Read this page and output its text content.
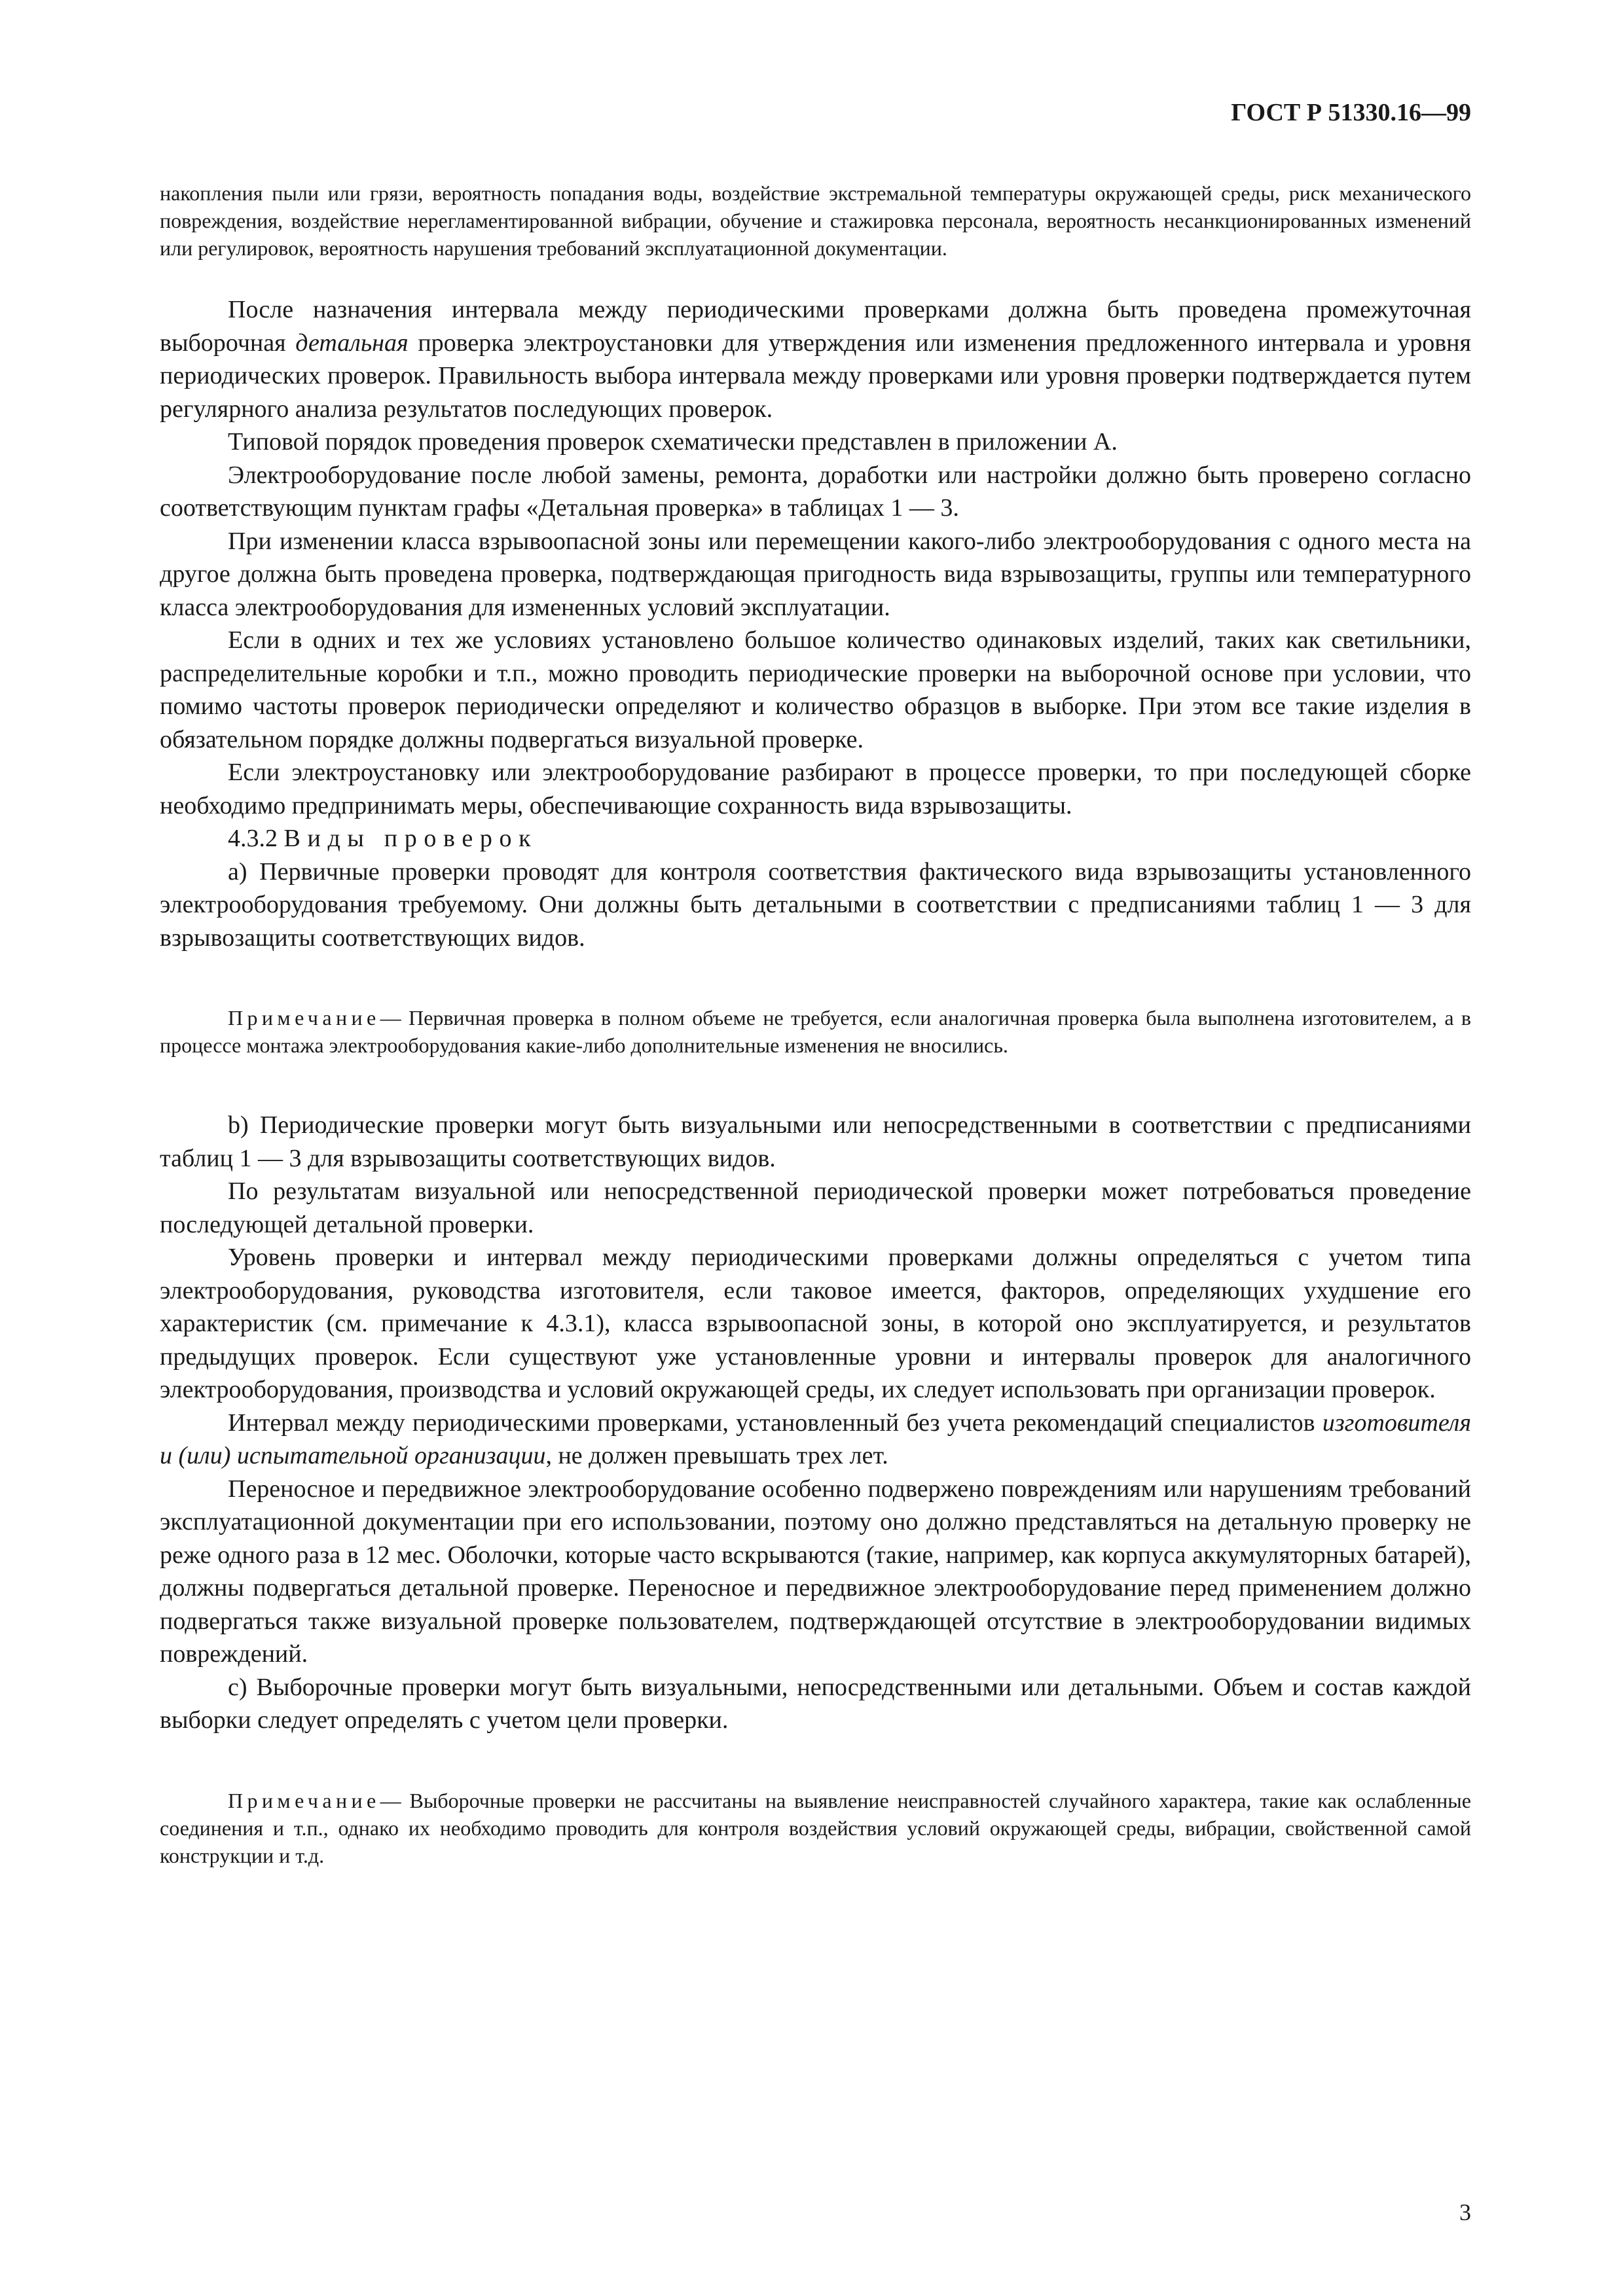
ГОСТ Р 51330.16—99

накопления пыли или грязи, вероятность попадания воды, воздействие экстремальной температуры окружающей среды, риск механического повреждения, воздействие нерегламентированной вибрации, обучение и стажировка персонала, вероятность несанкционированных изменений или регулировок, вероятность нарушения требований эксплуатационной документации.

После назначения интервала между периодическими проверками должна быть проведена промежуточная выборочная детальная проверка электроустановки для утверждения или изменения предложенного интервала и уровня периодических проверок. Правильность выбора интервала между проверками или уровня проверки подтверждается путем регулярного анализа результатов последующих проверок.

Типовой порядок проведения проверок схематически представлен в приложении А.

Электрооборудование после любой замены, ремонта, доработки или настройки должно быть проверено согласно соответствующим пунктам графы «Детальная проверка» в таблицах 1 — 3.

При изменении класса взрывоопасной зоны или перемещении какого-либо электрооборудования с одного места на другое должна быть проведена проверка, подтверждающая пригодность вида взрывозащиты, группы или температурного класса электрооборудования для измененных условий эксплуатации.

Если в одних и тех же условиях установлено большое количество одинаковых изделий, таких как светильники, распределительные коробки и т.п., можно проводить периодические проверки на выборочной основе при условии, что помимо частоты проверок периодически определяют и количество образцов в выборке. При этом все такие изделия в обязательном порядке должны подвергаться визуальной проверке.

Если электроустановку или электрооборудование разбирают в процессе проверки, то при последующей сборке необходимо предпринимать меры, обеспечивающие сохранность вида взрывозащиты.

4.3.2 Виды проверок

а) Первичные проверки проводят для контроля соответствия фактического вида взрывозащиты установленного электрооборудования требуемому. Они должны быть детальными в соответствии с предписаниями таблиц 1 — 3 для взрывозащиты соответствующих видов.

Примечание— Первичная проверка в полном объеме не требуется, если аналогичная проверка была выполнена изготовителем, а в процессе монтажа электрооборудования какие-либо дополнительные изменения не вносились.

b) Периодические проверки могут быть визуальными или непосредственными в соответствии с предписаниями таблиц 1 — 3 для взрывозащиты соответствующих видов.

По результатам визуальной или непосредственной периодической проверки может потребоваться проведение последующей детальной проверки.

Уровень проверки и интервал между периодическими проверками должны определяться с учетом типа электрооборудования, руководства изготовителя, если таковое имеется, факторов, определяющих ухудшение его характеристик (см. примечание к 4.3.1), класса взрывоопасной зоны, в которой оно эксплуатируется, и результатов предыдущих проверок. Если существуют уже установленные уровни и интервалы проверок для аналогичного электрооборудования, производства и условий окружающей среды, их следует использовать при организации проверок.

Интервал между периодическими проверками, установленный без учета рекомендаций специалистов изготовителя и (или) испытательной организации, не должен превышать трех лет.

Переносное и передвижное электрооборудование особенно подвержено повреждениям или нарушениям требований эксплуатационной документации при его использовании, поэтому оно должно представляться на детальную проверку не реже одного раза в 12 мес. Оболочки, которые часто вскрываются (такие, например, как корпуса аккумуляторных батарей), должны подвергаться детальной проверке. Переносное и передвижное электрооборудование перед применением должно подвергаться также визуальной проверке пользователем, подтверждающей отсутствие в электрооборудовании видимых повреждений.

с) Выборочные проверки могут быть визуальными, непосредственными или детальными. Объем и состав каждой выборки следует определять с учетом цели проверки.

Примечание— Выборочные проверки не рассчитаны на выявление неисправностей случайного характера, такие как ослабленные соединения и т.п., однако их необходимо проводить для контроля воздействия условий окружающей среды, вибрации, свойственной самой конструкции и т.д.

3
